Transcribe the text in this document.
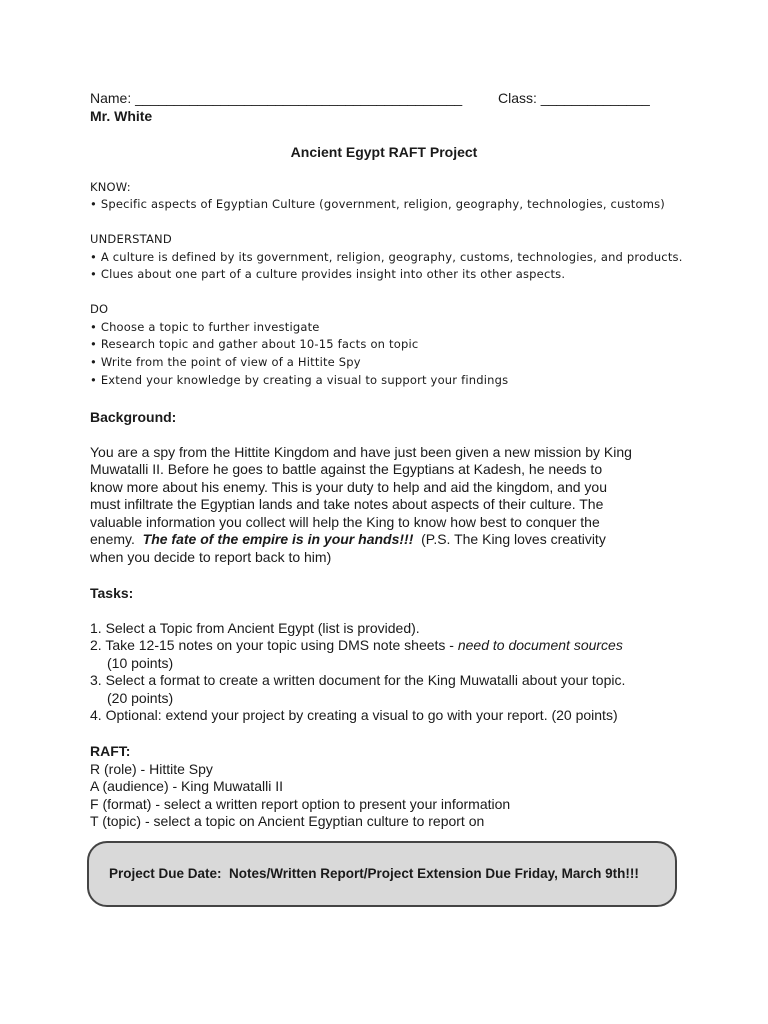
Name: __________________________________________	Class: ______________
Mr. White
Ancient Egypt RAFT Project
KNOW:
• Specific aspects of Egyptian Culture (government, religion, geography, technologies, customs)
UNDERSTAND
• A culture is defined by its government, religion, geography, customs, technologies, and products.
• Clues about one part of a culture provides insight into other its other aspects.
DO
• Choose a topic to further investigate
• Research topic and gather about 10-15 facts on topic
• Write from the point of view of a Hittite Spy
• Extend your knowledge by creating a visual to support your findings
Background:
You are a spy from the Hittite Kingdom and have just been given a new mission by King
Muwatalli II. Before he goes to battle against the Egyptians at Kadesh, he needs to
know more about his enemy. This is your duty to help and aid the kingdom, and you
must infiltrate the Egyptian lands and take notes about aspects of their culture. The
valuable information you collect will help the King to know how best to conquer the
enemy.  The fate of the empire is in your hands!!!  (P.S. The King loves creativity
when you decide to report back to him)
Tasks:
1. Select a Topic from Ancient Egypt (list is provided).
2. Take 12-15 notes on your topic using DMS note sheets - need to document sources
(10 points)
3. Select a format to create a written document for the King Muwatalli about your topic.
(20 points)
4. Optional: extend your project by creating a visual to go with your report. (20 points)
RAFT:
R (role) - Hittite Spy
A (audience) - King Muwatalli II
F (format) - select a written report option to present your information
T (topic) - select a topic on Ancient Egyptian culture to report on
Project Due Date: Notes/Written Report/Project Extension Due Friday, March 9th!!!
